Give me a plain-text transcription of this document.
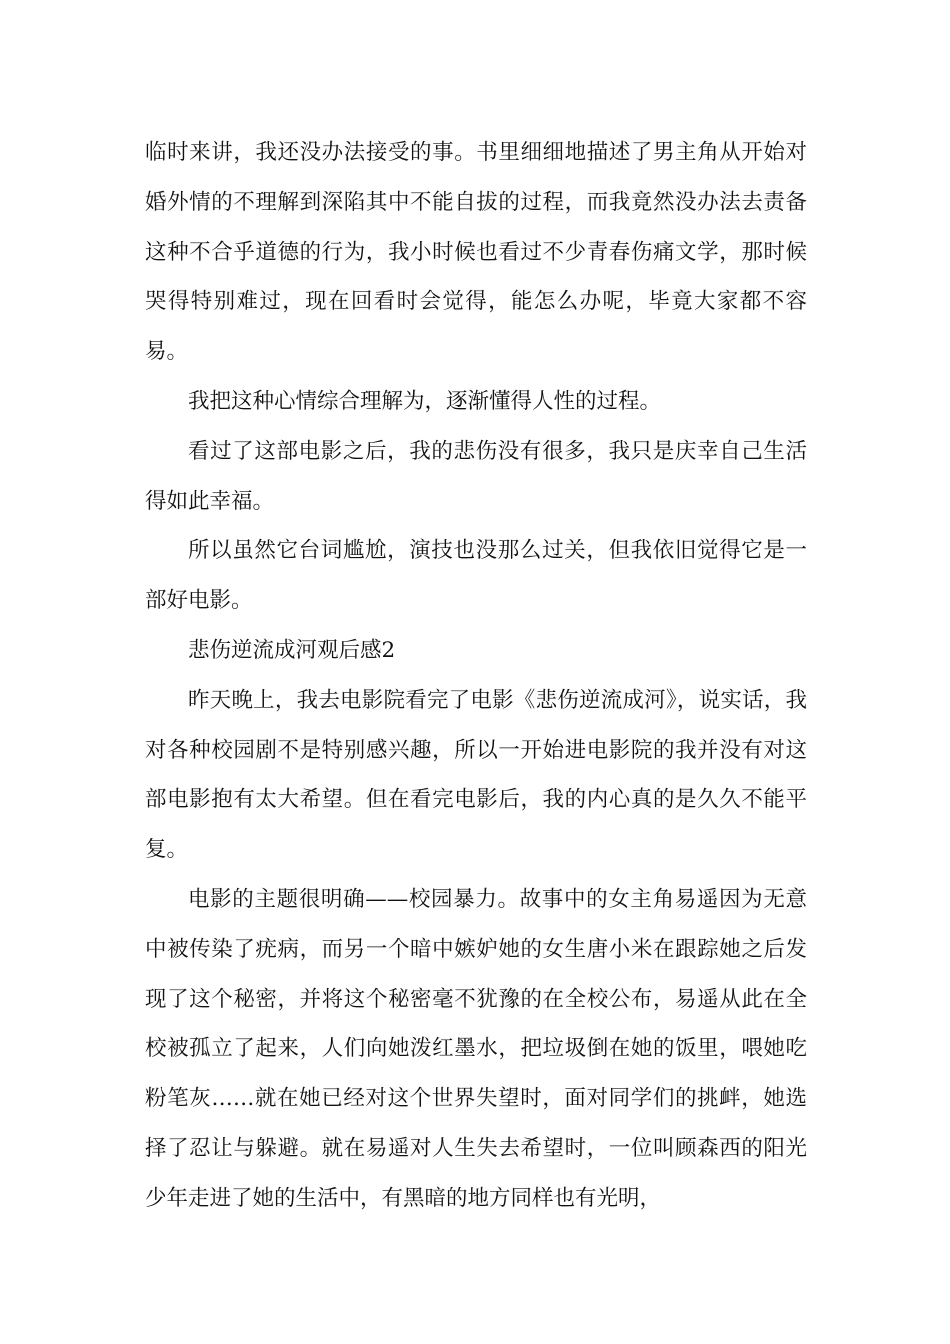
临时来讲，我还没办法接受的事。书里细细地描述了男主角从开始对婚外情的不理解到深陷其中不能自拔的过程，而我竟然没办法去责备这种不合乎道德的行为，我小时候也看过不少青春伤痛文学，那时候哭得特别难过，现在回看时会觉得，能怎么办呢，毕竟大家都不容易。

我把这种心情综合理解为，逐渐懂得人性的过程。

看过了这部电影之后，我的悲伤没有很多，我只是庆幸自己生活得如此幸福。

所以虽然它台词尴尬，演技也没那么过关，但我依旧觉得它是一部好电影。

悲伤逆流成河观后感2

昨天晚上，我去电影院看完了电影《悲伤逆流成河》，说实话，我对各种校园剧不是特别感兴趣，所以一开始进电影院的我并没有对这部电影抱有太大希望。但在看完电影后，我的内心真的是久久不能平复。

电影的主题很明确——校园暴力。故事中的女主角易遥因为无意中被传染了疣病，而另一个暗中嫉妒她的女生唐小米在跟踪她之后发现了这个秘密，并将这个秘密毫不犹豫的在全校公布，易遥从此在全校被孤立了起来，人们向她泼红墨水，把垃圾倒在她的饭里，喂她吃粉笔灰……就在她已经对这个世界失望时，面对同学们的挑衅，她选择了忍让与躲避。就在易遥对人生失去希望时，一位叫顾森西的阳光少年走进了她的生活中，有黑暗的地方同样也有光明，
